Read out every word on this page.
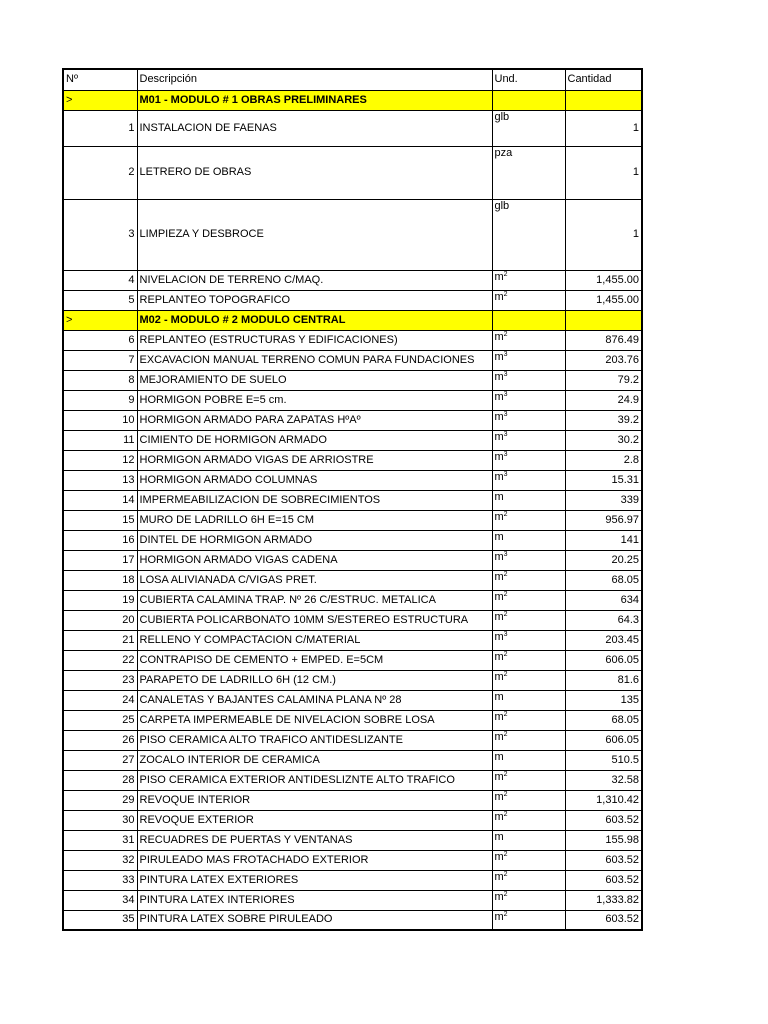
Nº	Descripción	Und.	Cantidad
>	M01 - MODULO # 1 OBRAS PRELIMINARES		
1	INSTALACION DE FAENAS	glb	1
2	LETRERO DE OBRAS	pza	1
3	LIMPIEZA Y DESBROCE	glb	1
4	NIVELACION DE TERRENO C/MAQ.	$m^2$	1,455.00
5	REPLANTEO TOPOGRAFICO	$m^2$	1,455.00
>	M02 - MODULO # 2 MODULO CENTRAL		
6	REPLANTEO (ESTRUCTURAS Y EDIFICACIONES)	$m^2$	876.49
7	EXCAVACION MANUAL TERRENO COMUN PARA FUNDACIONES	$m^3$	203.76
8	MEJORAMIENTO DE SUELO	$m^3$	79.2
9	HORMIGON POBRE E=5 cm.	$m^3$	24.9
10	HORMIGON ARMADO PARA ZAPATAS HºAº	$m^3$	39.2
11	CIMIENTO DE HORMIGON ARMADO	$m^3$	30.2
12	HORMIGON ARMADO VIGAS DE ARRIOSTRE	$m^3$	2.8
13	HORMIGON ARMADO COLUMNAS	$m^3$	15.31
14	IMPERMEABILIZACION DE SOBRECIMIENTOS	m	339
15	MURO DE LADRILLO 6H E=15 CM	$m^2$	956.97
16	DINTEL DE HORMIGON ARMADO	m	141
17	HORMIGON ARMADO VIGAS CADENA	$m^3$	20.25
18	LOSA ALIVIANADA C/VIGAS PRET.	$m^2$	68.05
19	CUBIERTA CALAMINA TRAP. Nº 26 C/ESTRUC. METALICA	$m^2$	634
20	CUBIERTA POLICARBONATO 10MM S/ESTEREO ESTRUCTURA	$m^2$	64.3
21	RELLENO Y COMPACTACION C/MATERIAL	$m^3$	203.45
22	CONTRAPISO DE CEMENTO + EMPED. E=5CM	$m^2$	606.05
23	PARAPETO DE LADRILLO 6H (12 CM.)	$m^2$	81.6
24	CANALETAS Y BAJANTES CALAMINA PLANA Nº 28	m	135
25	CARPETA IMPERMEABLE DE NIVELACION SOBRE LOSA	$m^2$	68.05
26	PISO CERAMICA ALTO TRAFICO ANTIDESLIZANTE	$m^2$	606.05
27	ZOCALO INTERIOR DE CERAMICA	m	510.5
28	PISO CERAMICA EXTERIOR ANTIDESLIZNTE ALTO TRAFICO	$m^2$	32.58
29	REVOQUE INTERIOR	$m^2$	1,310.42
30	REVOQUE EXTERIOR	$m^2$	603.52
31	RECUADRES DE PUERTAS Y VENTANAS	m	155.98
32	PIRULEADO MAS FROTACHADO EXTERIOR	$m^2$	603.52
33	PINTURA LATEX EXTERIORES	$m^2$	603.52
34	PINTURA LATEX INTERIORES	$m^2$	1,333.82
35	PINTURA LATEX SOBRE PIRULEADO	$m^2$	603.52
